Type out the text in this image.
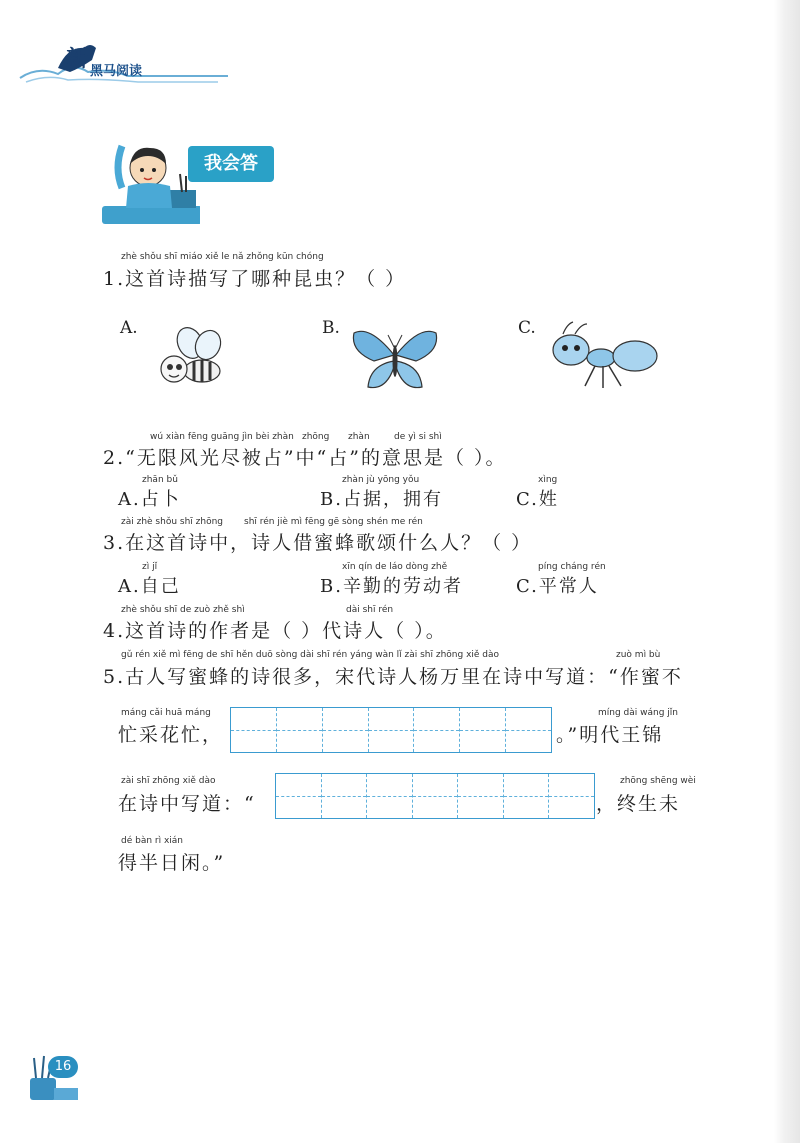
新 黑马阅读
我会答
zhè shǒu shī miáo xiě le nǎ zhǒng kūn chóng
1.这首诗描写了哪种昆虫？（ ）
A.	B.	C.
wú xiàn fēng guāng jìn bèi zhàn zhōng zhàn	de yì si shì
2.“无限风光尽被占”中“占”的意思是（ ）。
zhān bǔ
A.占卜
zhàn jù yōng yǒu
B.占据，拥有
xìng
C.姓
zài zhè shǒu shī zhōng shī rén jiè mì fēng gē sòng shén me rén
3.在这首诗中，诗人借蜜蜂歌颂什么人？（ ）
zì jǐ
A.自己
xīn qín de láo dòng zhě
B.辛勤的劳动者
píng cháng rén
C.平常人
zhè shǒu shī de zuò zhě shì	dài shī rén
4.这首诗的作者是（ ）代诗人（ ）。
gǔ rén xiě mì fēng de shī hěn duō sòng dài shī rén yáng wàn lǐ zài shī zhōng xiě dào	zuò mì bù
5.古人写蜜蜂的诗很多，宋代诗人杨万里在诗中写道：“作蜜不
máng cǎi huā máng
忙采花忙，
míng dài wáng jǐn
。”明代王锦
zài shī zhōng xiě dào
在诗中写道：“
zhōng shēng wèi
，终生未
dé bàn rì xián
得半日闲。”
16
